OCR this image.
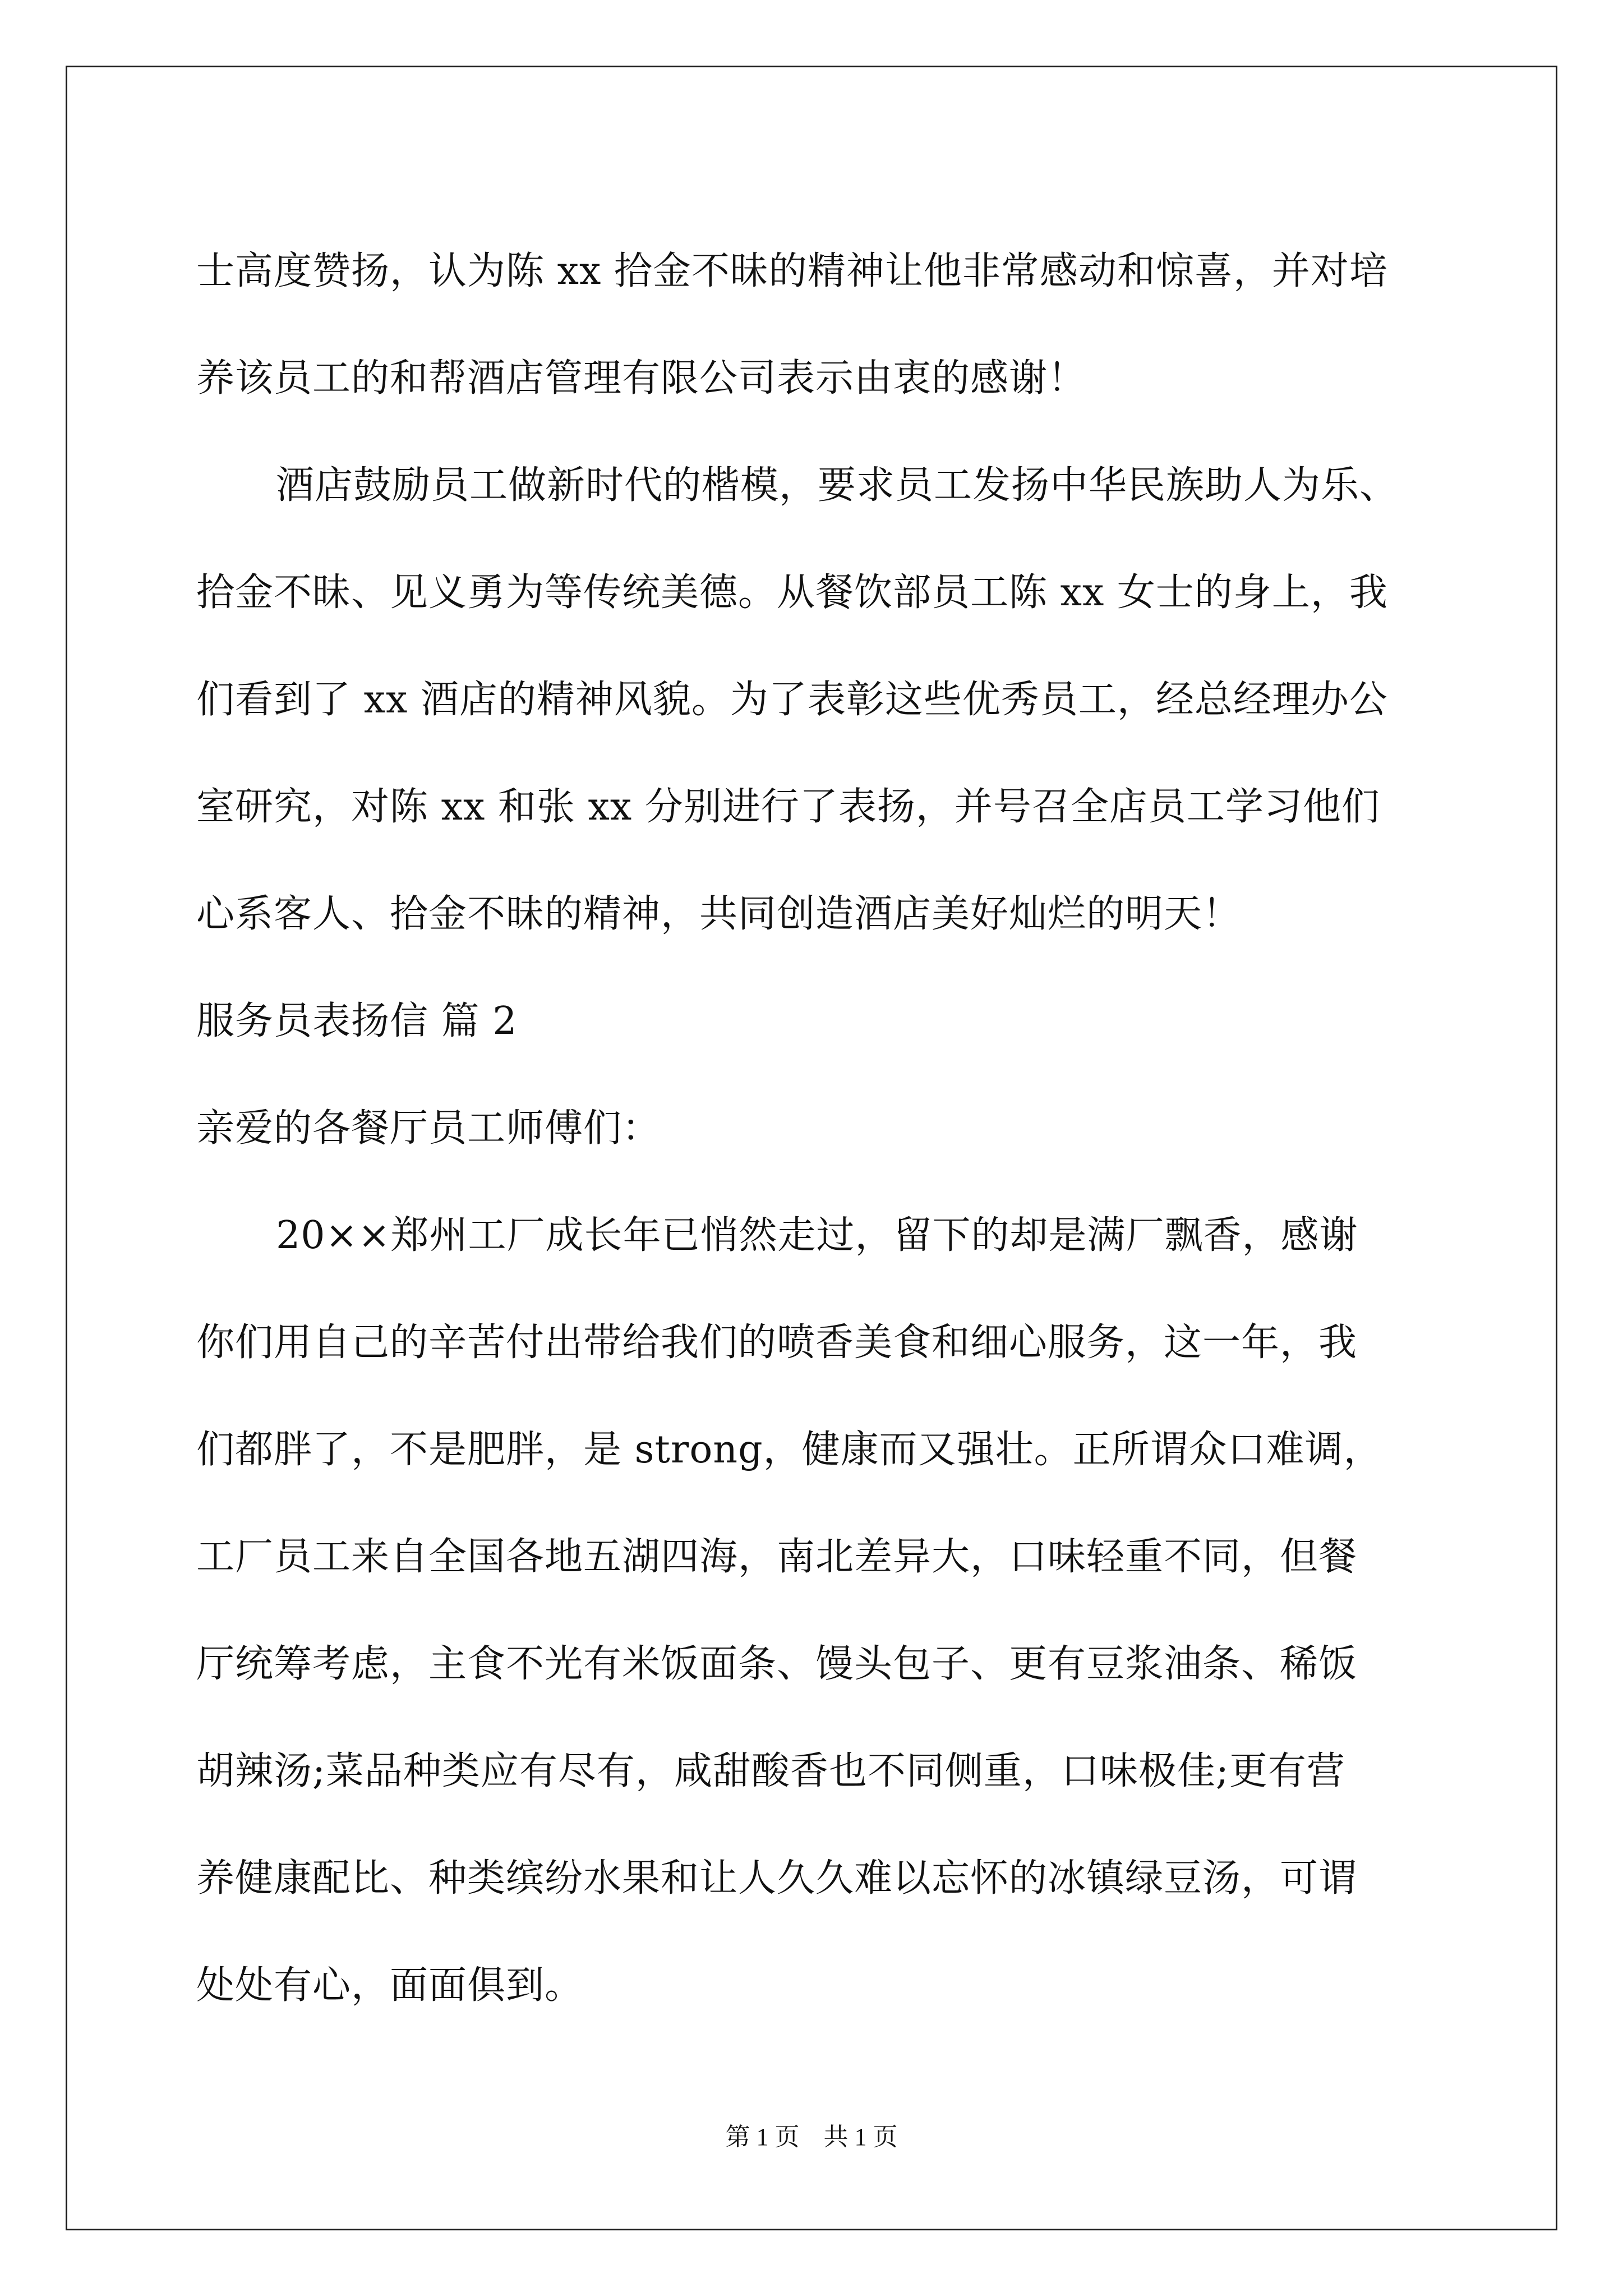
士高度赞扬，认为陈 xx 拾金不昧的精神让他非常感动和惊喜，并对培
养该员工的和帮酒店管理有限公司表示由衷的感谢！
酒店鼓励员工做新时代的楷模，要求员工发扬中华民族助人为乐、
拾金不昧、见义勇为等传统美德。从餐饮部员工陈 xx 女士的身上，我
们看到了 xx 酒店的精神风貌。为了表彰这些优秀员工，经总经理办公
室研究，对陈 xx 和张 xx 分别进行了表扬，并号召全店员工学习他们
心系客人、拾金不昧的精神，共同创造酒店美好灿烂的明天！
服务员表扬信 篇 2
亲爱的各餐厅员工师傅们：
20××郑州工厂成长年已悄然走过，留下的却是满厂飘香，感谢
你们用自己的辛苦付出带给我们的喷香美食和细心服务，这一年，我
们都胖了，不是肥胖，是 strong，健康而又强壮。正所谓众口难调，
工厂员工来自全国各地五湖四海，南北差异大，口味轻重不同，但餐
厅统筹考虑，主食不光有米饭面条、馒头包子、更有豆浆油条、稀饭
胡辣汤;菜品种类应有尽有，咸甜酸香也不同侧重，口味极佳;更有营
养健康配比、种类缤纷水果和让人久久难以忘怀的冰镇绿豆汤，可谓
处处有心，面面俱到。
第 1 页 共 1 页
